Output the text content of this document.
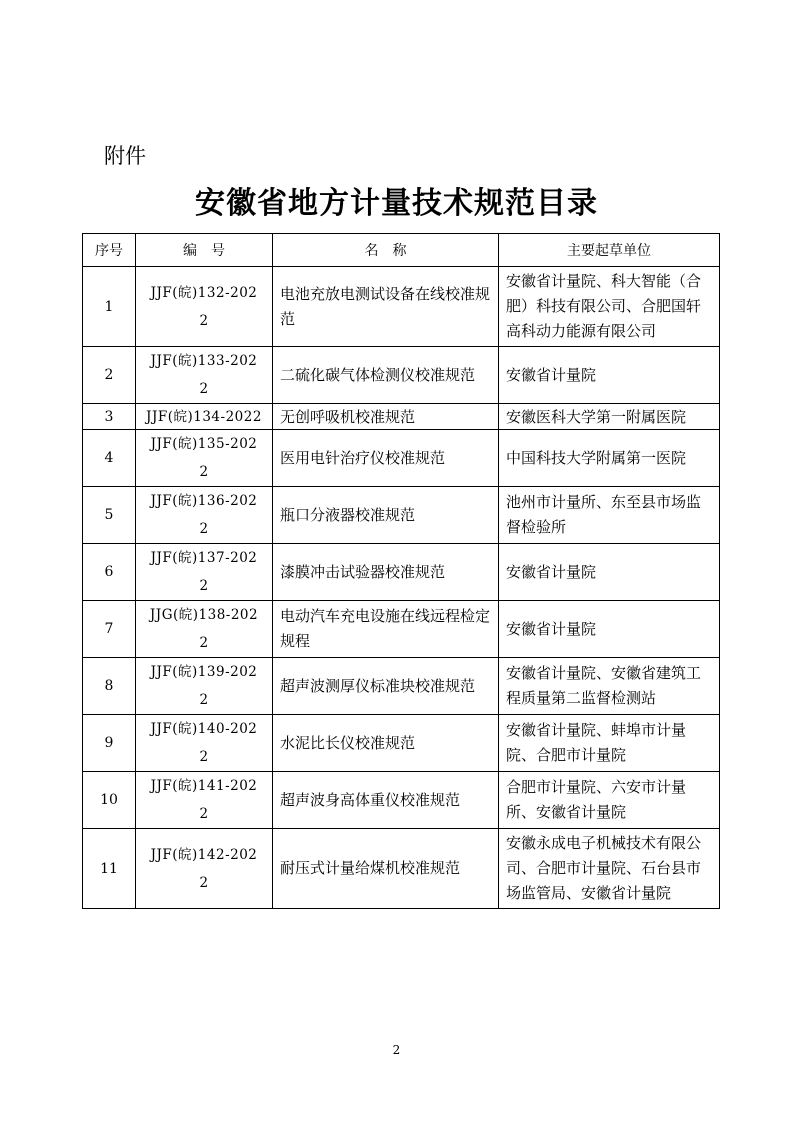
附件
安徽省地方计量技术规范目录
序号	编　号	名　称	主要起草单位
1	JJF(皖)132-2022	电池充放电测试设备在线校准规范	安徽省计量院、科大智能（合肥）科技有限公司、合肥国轩高科动力能源有限公司
2	JJF(皖)133-2022	二硫化碳气体检测仪校准规范	安徽省计量院
3	JJF(皖)134-2022	无创呼吸机校准规范	安徽医科大学第一附属医院
4	JJF(皖)135-2022	医用电针治疗仪校准规范	中国科技大学附属第一医院
5	JJF(皖)136-2022	瓶口分液器校准规范	池州市计量所、东至县市场监督检验所
6	JJF(皖)137-2022	漆膜冲击试验器校准规范	安徽省计量院
7	JJG(皖)138-2022	电动汽车充电设施在线远程检定规程	安徽省计量院
8	JJF(皖)139-2022	超声波测厚仪标准块校准规范	安徽省计量院、安徽省建筑工程质量第二监督检测站
9	JJF(皖)140-2022	水泥比长仪校准规范	安徽省计量院、蚌埠市计量院、合肥市计量院
10	JJF(皖)141-2022	超声波身高体重仪校准规范	合肥市计量院、六安市计量所、安徽省计量院
11	JJF(皖)142-2022	耐压式计量给煤机校准规范	安徽永成电子机械技术有限公司、合肥市计量院、石台县市场监管局、安徽省计量院
2
